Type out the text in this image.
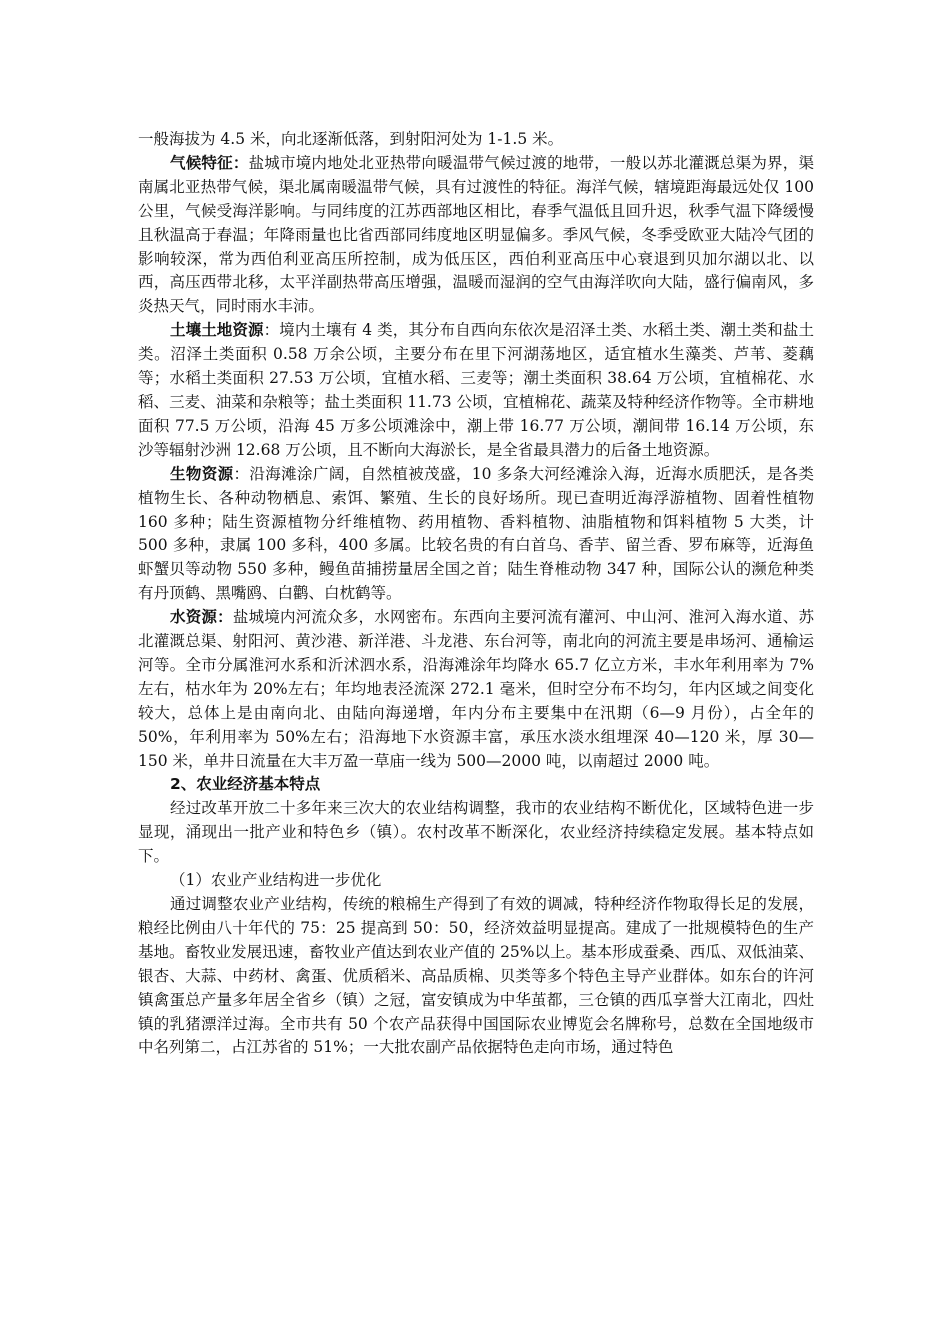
一般海拔为 4.5 米，向北逐渐低落，到射阳河处为 1-1.5 米。

气候特征：盐城市境内地处北亚热带向暖温带气候过渡的地带，一般以苏北灌溉总渠为界，渠南属北亚热带气候，渠北属南暖温带气候，具有过渡性的特征。海洋气候，辖境距海最远处仅 100 公里，气候受海洋影响。与同纬度的江苏西部地区相比，春季气温低且回升迟，秋季气温下降缓慢且秋温高于春温；年降雨量也比省西部同纬度地区明显偏多。季风气候，冬季受欧亚大陆冷气团的影响较深，常为西伯利亚高压所控制，成为低压区，西伯利亚高压中心衰退到贝加尔湖以北、以西，高压西带北移，太平洋副热带高压增强，温暖而湿润的空气由海洋吹向大陆，盛行偏南风，多炎热天气，同时雨水丰沛。

土壤土地资源：境内土壤有 4 类，其分布自西向东依次是沼泽土类、水稻土类、潮土类和盐土类。沼泽土类面积 0.58 万余公顷，主要分布在里下河湖荡地区，适宜植水生藻类、芦苇、菱藕等；水稻土类面积 27.53 万公顷，宜植水稻、三麦等；潮土类面积 38.64 万公顷，宜植棉花、水稻、三麦、油菜和杂粮等；盐土类面积 11.73 公顷，宜植棉花、蔬菜及特种经济作物等。全市耕地面积 77.5 万公顷，沿海 45 万多公顷滩涂中，潮上带 16.77 万公顷，潮间带 16.14 万公顷，东沙等辐射沙洲 12.68 万公顷，且不断向大海淤长，是全省最具潜力的后备土地资源。

生物资源：沿海滩涂广阔，自然植被茂盛，10 多条大河经滩涂入海，近海水质肥沃，是各类植物生长、各种动物栖息、索饵、繁殖、生长的良好场所。现已查明近海浮游植物、固着性植物 160 多种；陆生资源植物分纤维植物、药用植物、香料植物、油脂植物和饵料植物 5 大类，计 500 多种，隶属 100 多科，400 多属。比较名贵的有白首乌、香芋、留兰香、罗布麻等，近海鱼虾蟹贝等动物 550 多种，鳗鱼苗捕捞量居全国之首；陆生脊椎动物 347 种，国际公认的濒危种类有丹顶鹤、黑嘴鸥、白鹳、白枕鹤等。

水资源：盐城境内河流众多，水网密布。东西向主要河流有灌河、中山河、淮河入海水道、苏北灌溉总渠、射阳河、黄沙港、新洋港、斗龙港、东台河等，南北向的河流主要是串场河、通榆运河等。全市分属淮河水系和沂沭泗水系，沿海滩涂年均降水 65.7 亿立方米，丰水年利用率为 7%左右，枯水年为 20%左右；年均地表泾流深 272.1 毫米，但时空分布不均匀，年内区域之间变化较大，总体上是由南向北、由陆向海递增，年内分布主要集中在汛期（6—9 月份），占全年的 50%，年利用率为 50%左右；沿海地下水资源丰富，承压水淡水组埋深 40—120 米，厚 30—150 米，单井日流量在大丰万盈一草庙一线为 500—2000 吨，以南超过 2000 吨。

2、农业经济基本特点

经过改革开放二十多年来三次大的农业结构调整，我市的农业结构不断优化，区域特色进一步显现，涌现出一批产业和特色乡（镇）。农村改革不断深化，农业经济持续稳定发展。基本特点如下。

（1）农业产业结构进一步优化

通过调整农业产业结构，传统的粮棉生产得到了有效的调减，特种经济作物取得长足的发展，粮经比例由八十年代的 75：25 提高到 50：50，经济效益明显提高。建成了一批规模特色的生产基地。畜牧业发展迅速，畜牧业产值达到农业产值的 25%以上。基本形成蚕桑、西瓜、双低油菜、银杏、大蒜、中药材、禽蛋、优质稻米、高品质棉、贝类等多个特色主导产业群体。如东台的许河镇禽蛋总产量多年居全省乡（镇）之冠，富安镇成为中华茧都，三仓镇的西瓜享誉大江南北，四灶镇的乳猪漂洋过海。全市共有 50 个农产品获得中国国际农业博览会名牌称号，总数在全国地级市中名列第二，占江苏省的 51%；一大批农副产品依据特色走向市场，通过特色
